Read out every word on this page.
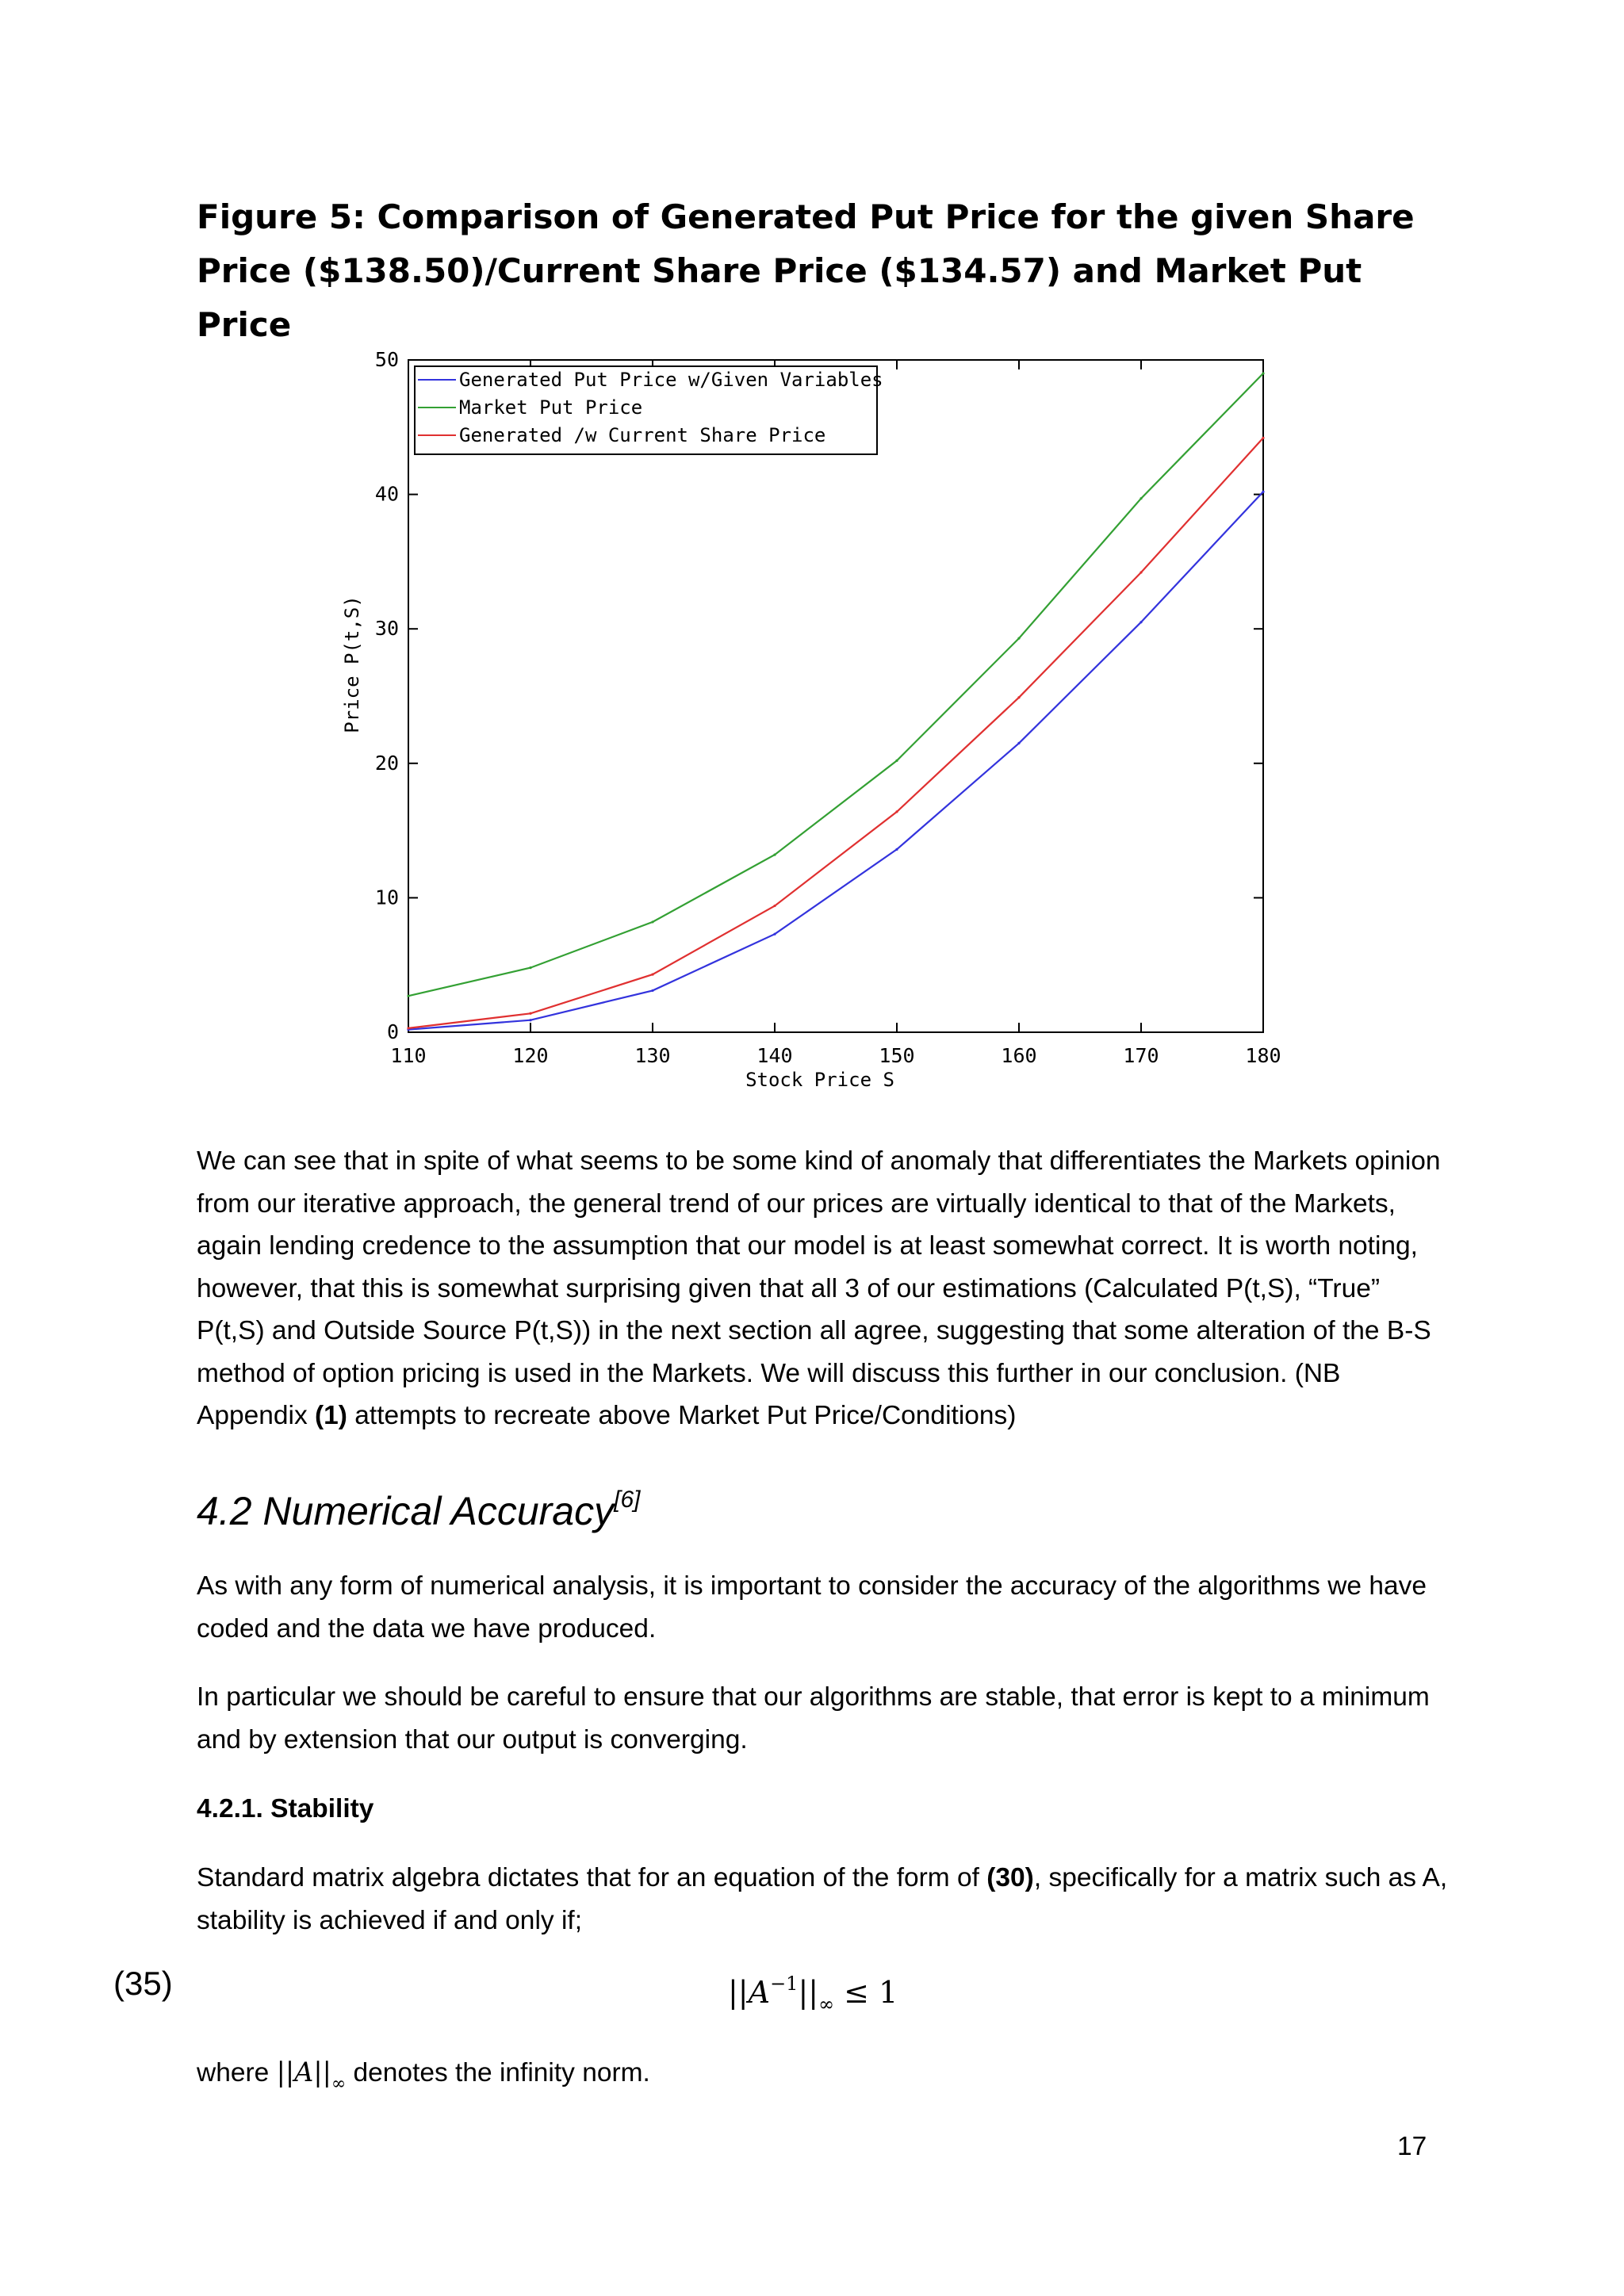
Figure 5: Comparison of Generated Put Price for the given Share Price ($138.50)/Current Share Price ($134.57) and Market Put Price
110	120	130	140	150	160	170	180
0
10
20
30
40
50
Stock Price S
Price P(t,S)
Generated Put Price w/Given Variables
Market Put Price
Generated /w Current Share Price

We can see that in spite of what seems to be some kind of anomaly that differentiates the Markets opinion from our iterative approach, the general trend of our prices are virtually identical to that of the Markets, again lending credence to the assumption that our model is at least somewhat correct. It is worth noting, however, that this is somewhat surprising given that all 3 of our estimations (Calculated P(t,S), “True” P(t,S) and Outside Source P(t,S)) in the next section all agree, suggesting that some alteration of the B-S method of option pricing is used in the Markets. We will discuss this further in our conclusion. (NB Appendix (1) attempts to recreate above Market Put Price/Conditions)

4.2 Numerical Accuracy[6]

As with any form of numerical analysis, it is important to consider the accuracy of the algorithms we have coded and the data we have produced.

In particular we should be careful to ensure that our algorithms are stable, that error is kept to a minimum and by extension that our output is converging.

4.2.1. Stability

Standard matrix algebra dictates that for an equation of the form of (30), specifically for a matrix such as A, stability is achieved if and only if;

(35)	$||A^{-1}||_\infty \le 1$
where $||A||_\infty$ denotes the infinity norm.
17
